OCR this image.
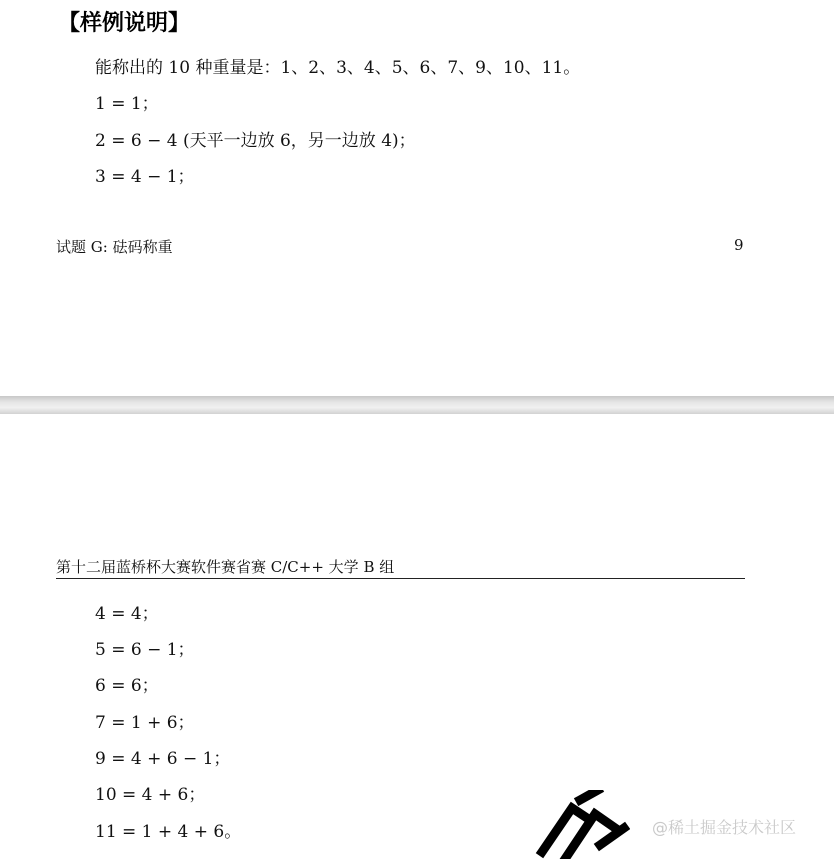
【样例说明】
能称出的 10 种重量是：1、2、3、4、5、6、7、9、10、11。
1 = 1；
2 = 6 − 4 (天平一边放 6，另一边放 4)；
3 = 4 − 1；
试题 G: 砝码称重	9
第十二届蓝桥杯大赛软件赛省赛 C/C++ 大学 B 组
4 = 4；
5 = 6 − 1；
6 = 6；
7 = 1 + 6；
9 = 4 + 6 − 1；
10 = 4 + 6；
11 = 1 + 4 + 6。	@稀土掘金技术社区
